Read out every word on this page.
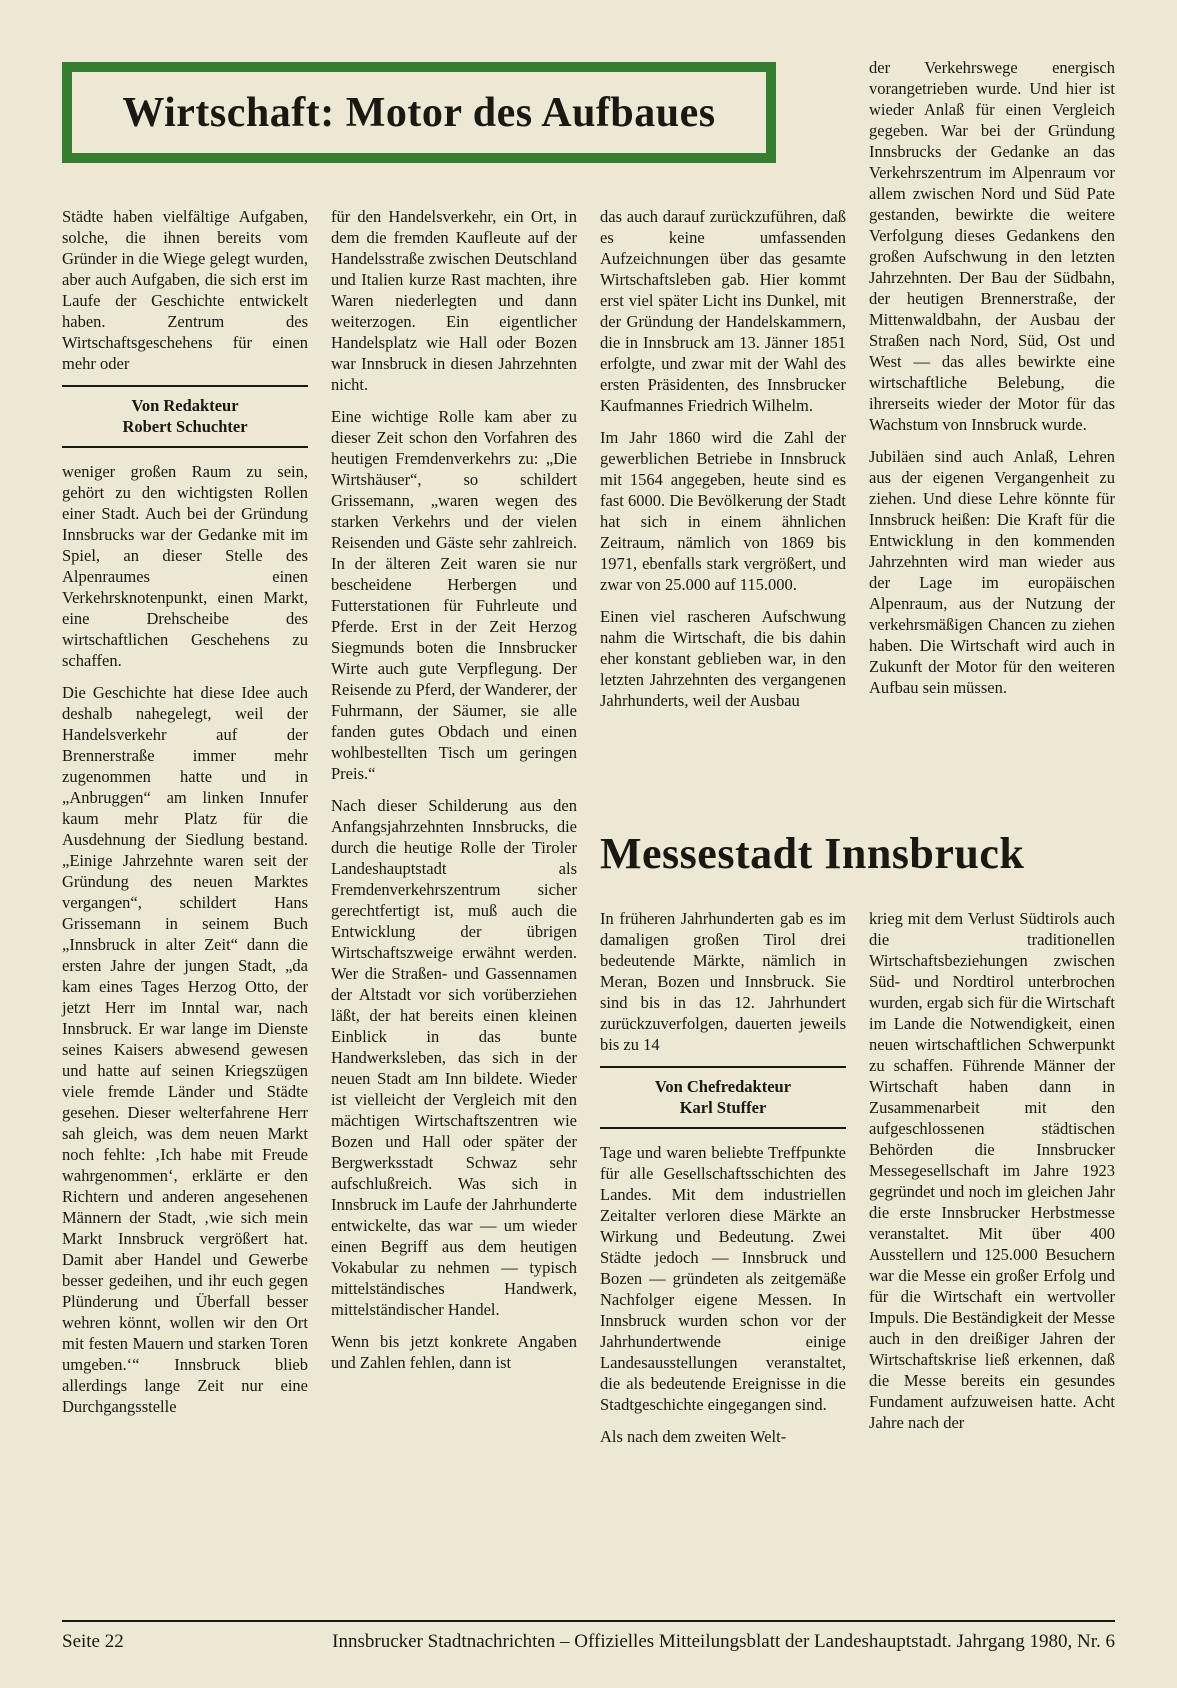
Wirtschaft: Motor des Aufbaues

Städte haben vielfältige Aufgaben, solche, die ihnen bereits vom Gründer in die Wiege gelegt wurden, aber auch Aufgaben, die sich erst im Laufe der Geschichte entwickelt haben. Zentrum des Wirtschaftsgeschehens für einen mehr oder

Von Redakteur
Robert Schuchter

weniger großen Raum zu sein, gehört zu den wichtigsten Rollen einer Stadt. Auch bei der Gründung Innsbrucks war der Gedanke mit im Spiel, an dieser Stelle des Alpenraumes einen Verkehrsknotenpunkt, einen Markt, eine Drehscheibe des wirtschaftlichen Geschehens zu schaffen.

Die Geschichte hat diese Idee auch deshalb nahegelegt, weil der Handelsverkehr auf der Brennerstraße immer mehr zugenommen hatte und in „Anbruggen“ am linken Innufer kaum mehr Platz für die Ausdehnung der Siedlung bestand. „Einige Jahrzehnte waren seit der Gründung des neuen Marktes vergangen“, schildert Hans Grissemann in seinem Buch „Innsbruck in alter Zeit“ dann die ersten Jahre der jungen Stadt, „da kam eines Tages Herzog Otto, der jetzt Herr im Inntal war, nach Innsbruck. Er war lange im Dienste seines Kaisers abwesend gewesen und hatte auf seinen Kriegszügen viele fremde Länder und Städte gesehen. Dieser welterfahrene Herr sah gleich, was dem neuen Markt noch fehlte: ‚Ich habe mit Freude wahrgenommen‘, erklärte er den Richtern und anderen angesehenen Männern der Stadt, ‚wie sich mein Markt Innsbruck vergrößert hat. Damit aber Handel und Gewerbe besser gedeihen, und ihr euch gegen Plünderung und Überfall besser wehren könnt, wollen wir den Ort mit festen Mauern und starken Toren umgeben.‘“ Innsbruck blieb allerdings lange Zeit nur eine Durchgangsstelle

für den Handelsverkehr, ein Ort, in dem die fremden Kaufleute auf der Handelsstraße zwischen Deutschland und Italien kurze Rast machten, ihre Waren niederlegten und dann weiterzogen. Ein eigentlicher Handelsplatz wie Hall oder Bozen war Innsbruck in diesen Jahrzehnten nicht.

Eine wichtige Rolle kam aber zu dieser Zeit schon den Vorfahren des heutigen Fremdenverkehrs zu: „Die Wirtshäuser“, so schildert Grissemann, „waren wegen des starken Verkehrs und der vielen Reisenden und Gäste sehr zahlreich. In der älteren Zeit waren sie nur bescheidene Herbergen und Futterstationen für Fuhrleute und Pferde. Erst in der Zeit Herzog Siegmunds boten die Innsbrucker Wirte auch gute Verpflegung. Der Reisende zu Pferd, der Wanderer, der Fuhrmann, der Säumer, sie alle fanden gutes Obdach und einen wohlbestellten Tisch um geringen Preis.“

Nach dieser Schilderung aus den Anfangsjahrzehnten Innsbrucks, die durch die heutige Rolle der Tiroler Landeshauptstadt als Fremdenverkehrszentrum sicher gerechtfertigt ist, muß auch die Entwicklung der übrigen Wirtschaftszweige erwähnt werden. Wer die Straßen- und Gassennamen der Altstadt vor sich vorüberziehen läßt, der hat bereits einen kleinen Einblick in das bunte Handwerksleben, das sich in der neuen Stadt am Inn bildete. Wieder ist vielleicht der Vergleich mit den mächtigen Wirtschaftszentren wie Bozen und Hall oder später der Bergwerksstadt Schwaz sehr aufschlußreich. Was sich in Innsbruck im Laufe der Jahrhunderte entwickelte, das war — um wieder einen Begriff aus dem heutigen Vokabular zu nehmen — typisch mittelständisches Handwerk, mittelständischer Handel.

Wenn bis jetzt konkrete Angaben und Zahlen fehlen, dann ist

das auch darauf zurückzuführen, daß es keine umfassenden Aufzeichnungen über das gesamte Wirtschaftsleben gab. Hier kommt erst viel später Licht ins Dunkel, mit der Gründung der Handelskammern, die in Innsbruck am 13. Jänner 1851 erfolgte, und zwar mit der Wahl des ersten Präsidenten, des Innsbrucker Kaufmannes Friedrich Wilhelm.

Im Jahr 1860 wird die Zahl der gewerblichen Betriebe in Innsbruck mit 1564 angegeben, heute sind es fast 6000. Die Bevölkerung der Stadt hat sich in einem ähnlichen Zeitraum, nämlich von 1869 bis 1971, ebenfalls stark vergrößert, und zwar von 25.000 auf 115.000.

Einen viel rascheren Aufschwung nahm die Wirtschaft, die bis dahin eher konstant geblieben war, in den letzten Jahrzehnten des vergangenen Jahrhunderts, weil der Ausbau

der Verkehrswege energisch vorangetrieben wurde. Und hier ist wieder Anlaß für einen Vergleich gegeben. War bei der Gründung Innsbrucks der Gedanke an das Verkehrszentrum im Alpenraum vor allem zwischen Nord und Süd Pate gestanden, bewirkte die weitere Verfolgung dieses Gedankens den großen Aufschwung in den letzten Jahrzehnten. Der Bau der Südbahn, der heutigen Brennerstraße, der Mittenwaldbahn, der Ausbau der Straßen nach Nord, Süd, Ost und West — das alles bewirkte eine wirtschaftliche Belebung, die ihrerseits wieder der Motor für das Wachstum von Innsbruck wurde.

Jubiläen sind auch Anlaß, Lehren aus der eigenen Vergangenheit zu ziehen. Und diese Lehre könnte für Innsbruck heißen: Die Kraft für die Entwicklung in den kommenden Jahrzehnten wird man wieder aus der Lage im europäischen Alpenraum, aus der Nutzung der verkehrsmäßigen Chancen zu ziehen haben. Die Wirtschaft wird auch in Zukunft der Motor für den weiteren Aufbau sein müssen.

Messestadt Innsbruck

In früheren Jahrhunderten gab es im damaligen großen Tirol drei bedeutende Märkte, nämlich in Meran, Bozen und Innsbruck. Sie sind bis in das 12. Jahrhundert zurückzuverfolgen, dauerten jeweils bis zu 14

Von Chefredakteur
Karl Stuffer

Tage und waren beliebte Treffpunkte für alle Gesellschaftsschichten des Landes. Mit dem industriellen Zeitalter verloren diese Märkte an Wirkung und Bedeutung. Zwei Städte jedoch — Innsbruck und Bozen — gründeten als zeitgemäße Nachfolger eigene Messen. In Innsbruck wurden schon vor der Jahrhundertwende einige Landesausstellungen veranstaltet, die als bedeutende Ereignisse in die Stadtgeschichte eingegangen sind.

Als nach dem zweiten Welt-

krieg mit dem Verlust Südtirols auch die traditionellen Wirtschaftsbeziehungen zwischen Süd- und Nordtirol unterbrochen wurden, ergab sich für die Wirtschaft im Lande die Notwendigkeit, einen neuen wirtschaftlichen Schwerpunkt zu schaffen. Führende Männer der Wirtschaft haben dann in Zusammenarbeit mit den aufgeschlossenen städtischen Behörden die Innsbrucker Messegesellschaft im Jahre 1923 gegründet und noch im gleichen Jahr die erste Innsbrucker Herbstmesse veranstaltet. Mit über 400 Ausstellern und 125.000 Besuchern war die Messe ein großer Erfolg und für die Wirtschaft ein wertvoller Impuls. Die Beständigkeit der Messe auch in den dreißiger Jahren der Wirtschaftskrise ließ erkennen, daß die Messe bereits ein gesundes Fundament aufzuweisen hatte. Acht Jahre nach der

Seite 22	Innsbrucker Stadtnachrichten – Offizielles Mitteilungsblatt der Landeshauptstadt. Jahrgang 1980, Nr. 6
